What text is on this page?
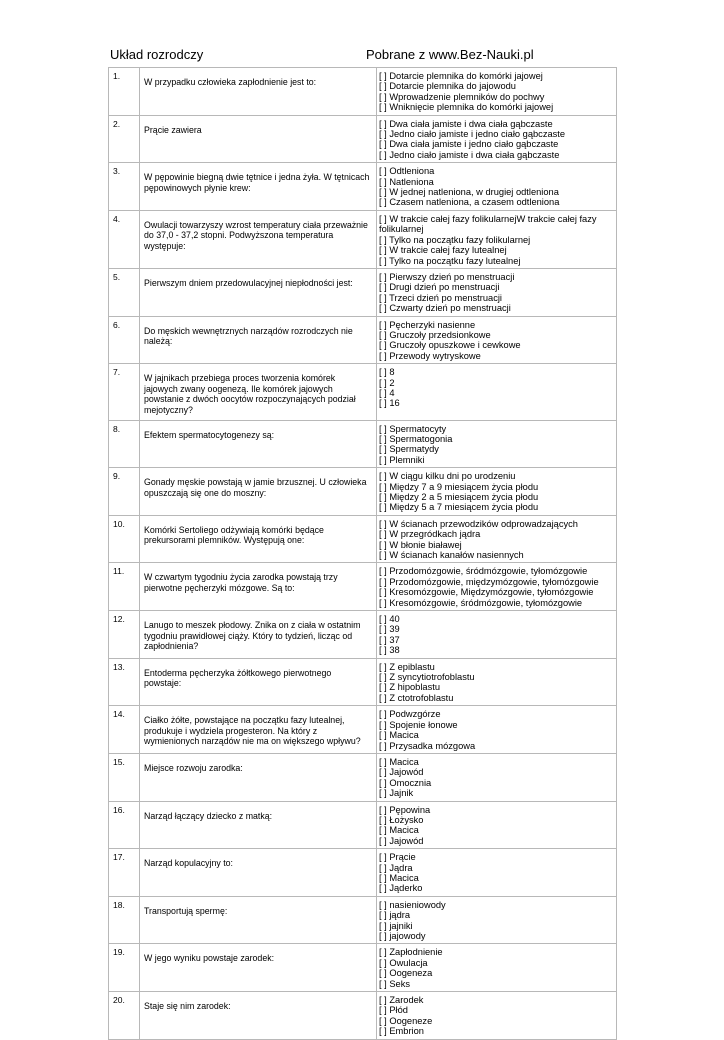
Układ rozrodczy	Pobrane z www.Bez-Nauki.pl
1.	W przypadku człowieka zapłodnienie jest to:	[ ] Dotarcie plemnika do komórki jajowej
[ ] Dotarcie plemnika do jajowodu
[ ] Wprowadzenie plemników do pochwy
[ ] Wniknięcie plemnika do komórki jajowej

2.	Prącie zawiera	[ ] Dwa ciała jamiste i dwa ciała gąbczaste
[ ] Jedno ciało jamiste i jedno ciało gąbczaste
[ ] Dwa ciała jamiste i jedno ciało gąbczaste
[ ] Jedno ciało jamiste i dwa ciała gąbczaste

3.	W pępowinie biegną dwie tętnice i jedna żyła. W tętnicach pępowinowych płynie krew:	[ ] Odtleniona
[ ] Natleniona
[ ] W jednej natleniona, w drugiej odtleniona
[ ] Czasem natleniona, a czasem odtleniona

4.	Owulacji towarzyszy wzrost temperatury ciała przeważnie do 37,0 - 37,2 stopni. Podwyższona temperatura występuje:	[ ] W trakcie całej fazy folikularnejW trakcie całej fazy folikularnej
[ ] Tylko na początku fazy folikularnej
[ ] W trakcie całej fazy lutealnej
[ ] Tylko na początku fazy lutealnej

5.	Pierwszym dniem przedowulacyjnej niepłodności jest:	[ ] Pierwszy dzień po menstruacji
[ ] Drugi dzień po menstruacji
[ ] Trzeci dzień po menstruacji
[ ] Czwarty dzień po menstruacji

6.	Do męskich wewnętrznych narządów rozrodczych nie należą:	[ ] Pęcherzyki nasienne
[ ] Gruczoły przedsionkowe
[ ] Gruczoły opuszkowe i cewkowe
[ ] Przewody wytryskowe

7.	W jajnikach przebiega proces tworzenia komórek jajowych zwany oogenezą. Ile komórek jajowych powstanie z dwóch oocytów rozpoczynających podział mejotyczny?	[ ] 8
[ ] 2
[ ] 4
[ ] 16

8.	Efektem spermatocytogenezy są:	[ ] Spermatocyty
[ ] Spermatogonia
[ ] Spermatydy
[ ] Plemniki

9.	Gonady męskie powstają w jamie brzusznej. U człowieka opuszczają się one do moszny:	[ ] W ciągu kilku dni po urodzeniu
[ ] Między 7 a 9 miesiącem życia płodu
[ ] Między 2 a 5 miesiącem życia płodu
[ ] Między 5 a 7 miesiącem życia płodu

10.	Komórki Sertoliego odżywiają komórki będące prekursorami plemników. Występują one:	[ ] W ścianach przewodzików odprowadzających
[ ] W przegródkach jądra
[ ] W błonie białawej
[ ] W ścianach kanałów nasiennych

11.	W czwartym tygodniu życia zarodka powstają trzy pierwotne pęcherzyki mózgowe. Są to:	[ ] Przodomózgowie, śródmózgowie, tyłomózgowie
[ ] Przodomózgowie, międzymózgowie, tyłomózgowie
[ ] Kresomózgowie, Międzymózgowie, tyłomózgowie
[ ] Kresomózgowie, śródmózgowie, tyłomózgowie

12.	Lanugo to meszek płodowy. Znika on z ciała w ostatnim tygodniu prawidłowej ciąży. Który to tydzień, licząc od zapłodnienia?	[ ] 40
[ ] 39
[ ] 37
[ ] 38

13.	Entoderma pęcherzyka żółtkowego pierwotnego powstaje:	[ ] Z epiblastu
[ ] Z syncytiotrofoblastu
[ ] Z hipoblastu
[ ] Z ctotrofoblastu

14.	Ciałko żółte, powstające na początku fazy lutealnej, produkuje i wydziela progesteron. Na który z wymienionych narządów nie ma on większego wpływu?	[ ] Podwzgórze
[ ] Spojenie łonowe
[ ] Macica
[ ] Przysadka mózgowa

15.	Miejsce rozwoju zarodka:	[ ] Macica
[ ] Jajowód
[ ] Omocznia
[ ] Jajnik

16.	Narząd łączący dziecko z matką:	[ ] Pępowina
[ ] Łożysko
[ ] Macica
[ ] Jajowód

17.	Narząd kopulacyjny to:	[ ] Prącie
[ ] Jądra
[ ] Macica
[ ] Jąderko

18.	Transportują spermę:	[ ] nasieniowody
[ ] jądra
[ ] jajniki
[ ] jajowody

19.	W jego wyniku powstaje zarodek:	[ ] Zapłodnienie
[ ] Owulacja
[ ] Oogeneza
[ ] Seks

20.	Staje się nim zarodek:	[ ] Zarodek
[ ] Płód
[ ] Oogeneze
[ ] Embrion
